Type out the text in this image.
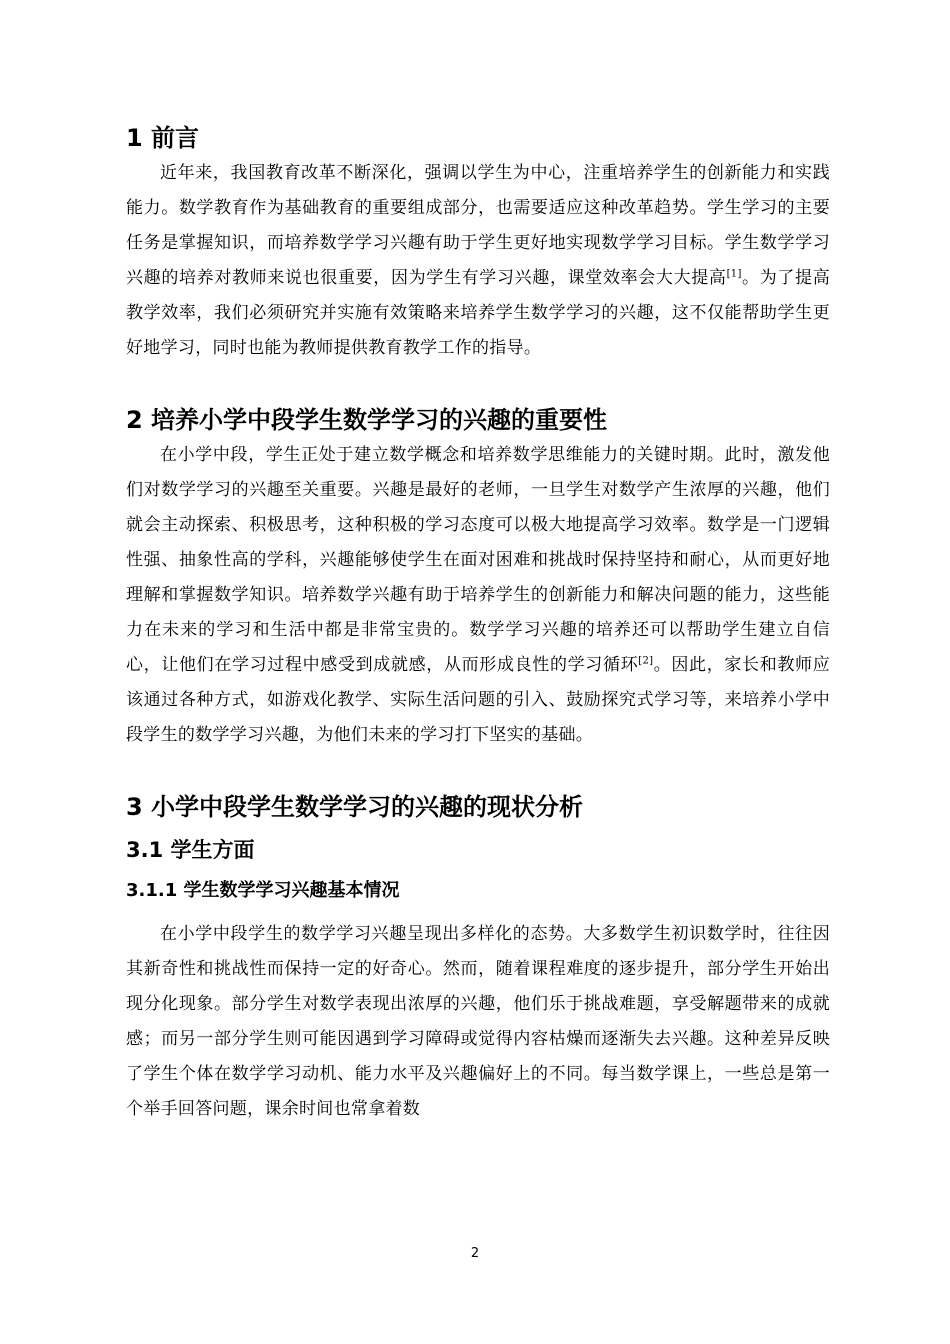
1 前言

近年来，我国教育改革不断深化，强调以学生为中心，注重培养学生的创新能力和实践能力。数学教育作为基础教育的重要组成部分，也需要适应这种改革趋势。学生学习的主要任务是掌握知识，而培养数学学习兴趣有助于学生更好地实现数学学习目标。学生数学学习兴趣的培养对教师来说也很重要，因为学生有学习兴趣，课堂效率会大大提高[1]。为了提高教学效率，我们必须研究并实施有效策略来培养学生数学学习的兴趣，这不仅能帮助学生更好地学习，同时也能为教师提供教育教学工作的指导。

2 培养小学中段学生数学学习的兴趣的重要性

在小学中段，学生正处于建立数学概念和培养数学思维能力的关键时期。此时，激发他们对数学学习的兴趣至关重要。兴趣是最好的老师，一旦学生对数学产生浓厚的兴趣，他们就会主动探索、积极思考，这种积极的学习态度可以极大地提高学习效率。数学是一门逻辑性强、抽象性高的学科，兴趣能够使学生在面对困难和挑战时保持坚持和耐心，从而更好地理解和掌握数学知识。培养数学兴趣有助于培养学生的创新能力和解决问题的能力，这些能力在未来的学习和生活中都是非常宝贵的。数学学习兴趣的培养还可以帮助学生建立自信心，让他们在学习过程中感受到成就感，从而形成良性的学习循环[2]。因此，家长和教师应该通过各种方式，如游戏化教学、实际生活问题的引入、鼓励探究式学习等，来培养小学中段学生的数学学习兴趣，为他们未来的学习打下坚实的基础。

3 小学中段学生数学学习的兴趣的现状分析
3.1 学生方面
3.1.1 学生数学学习兴趣基本情况

在小学中段学生的数学学习兴趣呈现出多样化的态势。大多数学生初识数学时，往往因其新奇性和挑战性而保持一定的好奇心。然而，随着课程难度的逐步提升，部分学生开始出现分化现象。部分学生对数学表现出浓厚的兴趣，他们乐于挑战难题，享受解题带来的成就感；而另一部分学生则可能因遇到学习障碍或觉得内容枯燥而逐渐失去兴趣。这种差异反映了学生个体在数学学习动机、能力水平及兴趣偏好上的不同。每当数学课上，一些总是第一个举手回答问题，课余时间也常拿着数

2
